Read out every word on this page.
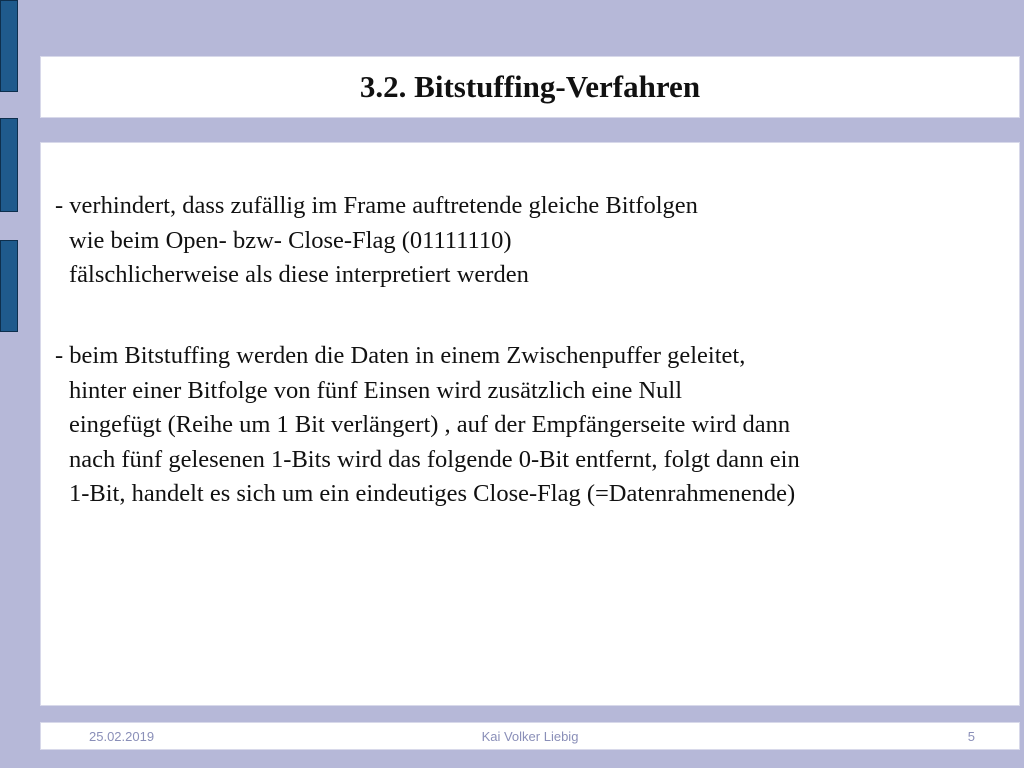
3.2. Bitstuffing-Verfahren

- verhindert, dass zufällig im Frame auftretende gleiche Bitfolgen
wie beim Open- bzw- Close-Flag (01111110)
fälschlicherweise als diese interpretiert werden

- beim Bitstuffing werden die Daten in einem Zwischenpuffer geleitet,
hinter einer Bitfolge von fünf Einsen wird zusätzlich eine Null
eingefügt (Reihe um 1 Bit verlängert) , auf der Empfängerseite wird dann
nach fünf gelesenen 1-Bits wird das folgende 0-Bit entfernt, folgt dann ein
1-Bit, handelt es sich um ein eindeutiges Close-Flag (=Datenrahmenende)

25.02.2019	Kai Volker Liebig	5
